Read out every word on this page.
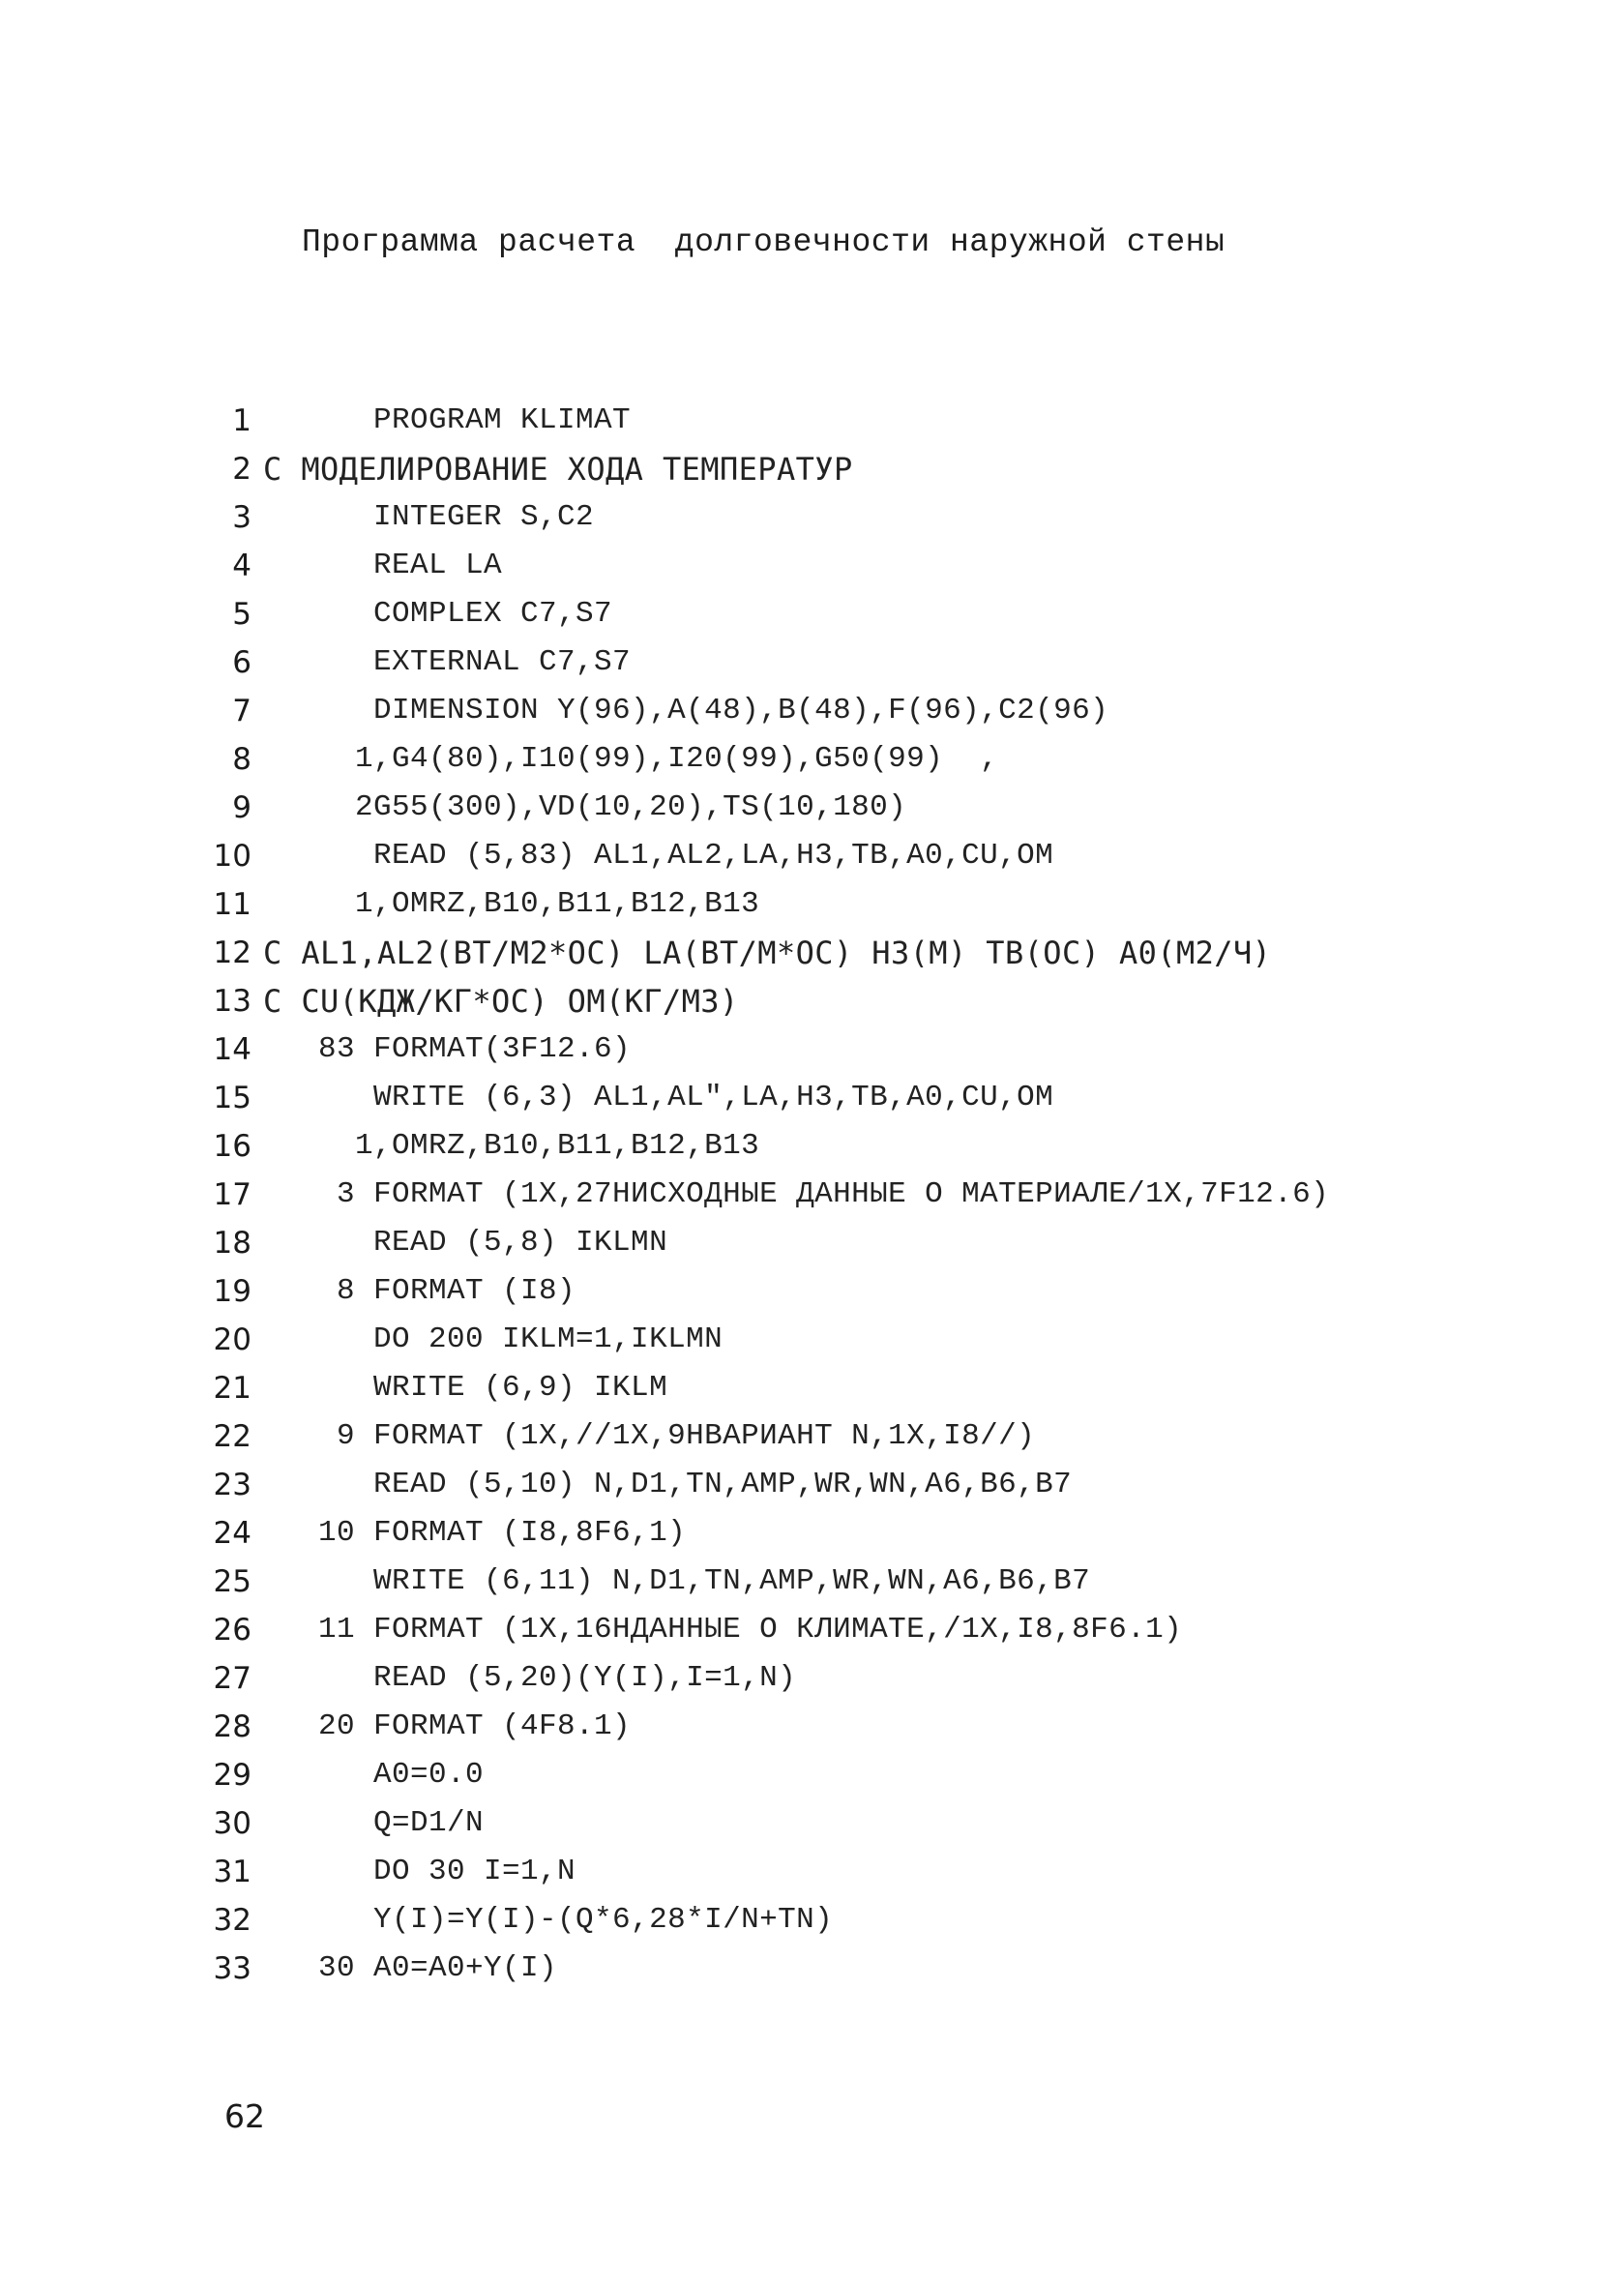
Программа расчета  долговечности наружной стены
1 PROGRAM KLIMAT
2 C МОДЕЛИРОВАНИЕ ХОДА ТЕМПЕРАТУР
3 INTEGER S,C2
4 REAL LA
5 COMPLEX C7,S7
6 EXTERNAL C7,S7
7 DIMENSION Y(96),A(48),B(48),F(96),C2(96)
8 1,G4(80),I10(99),I20(99),G50(99)  ,
9 2G55(300),VD(10,20),TS(10,180)
10 READ (5,83) AL1,AL2,LA,H3,TB,A0,CU,OM
11 1,OMRZ,B10,B11,B12,B13
12 C AL1,AL2(BT/M2*OC) LA(BT/M*OC) H3(M) TB(OC) A0(M2/Ч)
13 C CU(КДЖ/КГ*OC) OM(КГ/M3)
14 83 FORMAT(3F12.6)
15 WRITE (6,3) AL1,AL",LA,H3,TB,A0,CU,OM
16 1,OMRZ,B10,B11,B12,B13
17 3 FORMAT (1X,27HИСХОДНЫЕ ДАННЫЕ О МАТЕРИАЛЕ/1X,7F12.6)
18 READ (5,8) IKLMN
19 8 FORMAT (I8)
20 DO 200 IKLM=1,IKLMN
21 WRITE (6,9) IKLM
22 9 FORMAT (1X,//1X,9HВАРИАНТ N,1X,I8//)
23 READ (5,10) N,D1,TN,AMP,WR,WN,A6,B6,B7
24 10 FORMAT (I8,8F6,1)
25 WRITE (6,11) N,D1,TN,AMP,WR,WN,A6,B6,B7
26 11 FORMAT (1X,16HДАННЫЕ О КЛИМАТЕ,/1X,I8,8F6.1)
27 READ (5,20)(Y(I),I=1,N)
28 20 FORMAT (4F8.1)
29 A0=0.0
30 Q=D1/N
31 DO 30 I=1,N
32 Y(I)=Y(I)-(Q*6,28*I/N+TN)
33 30 A0=A0+Y(I)
62
